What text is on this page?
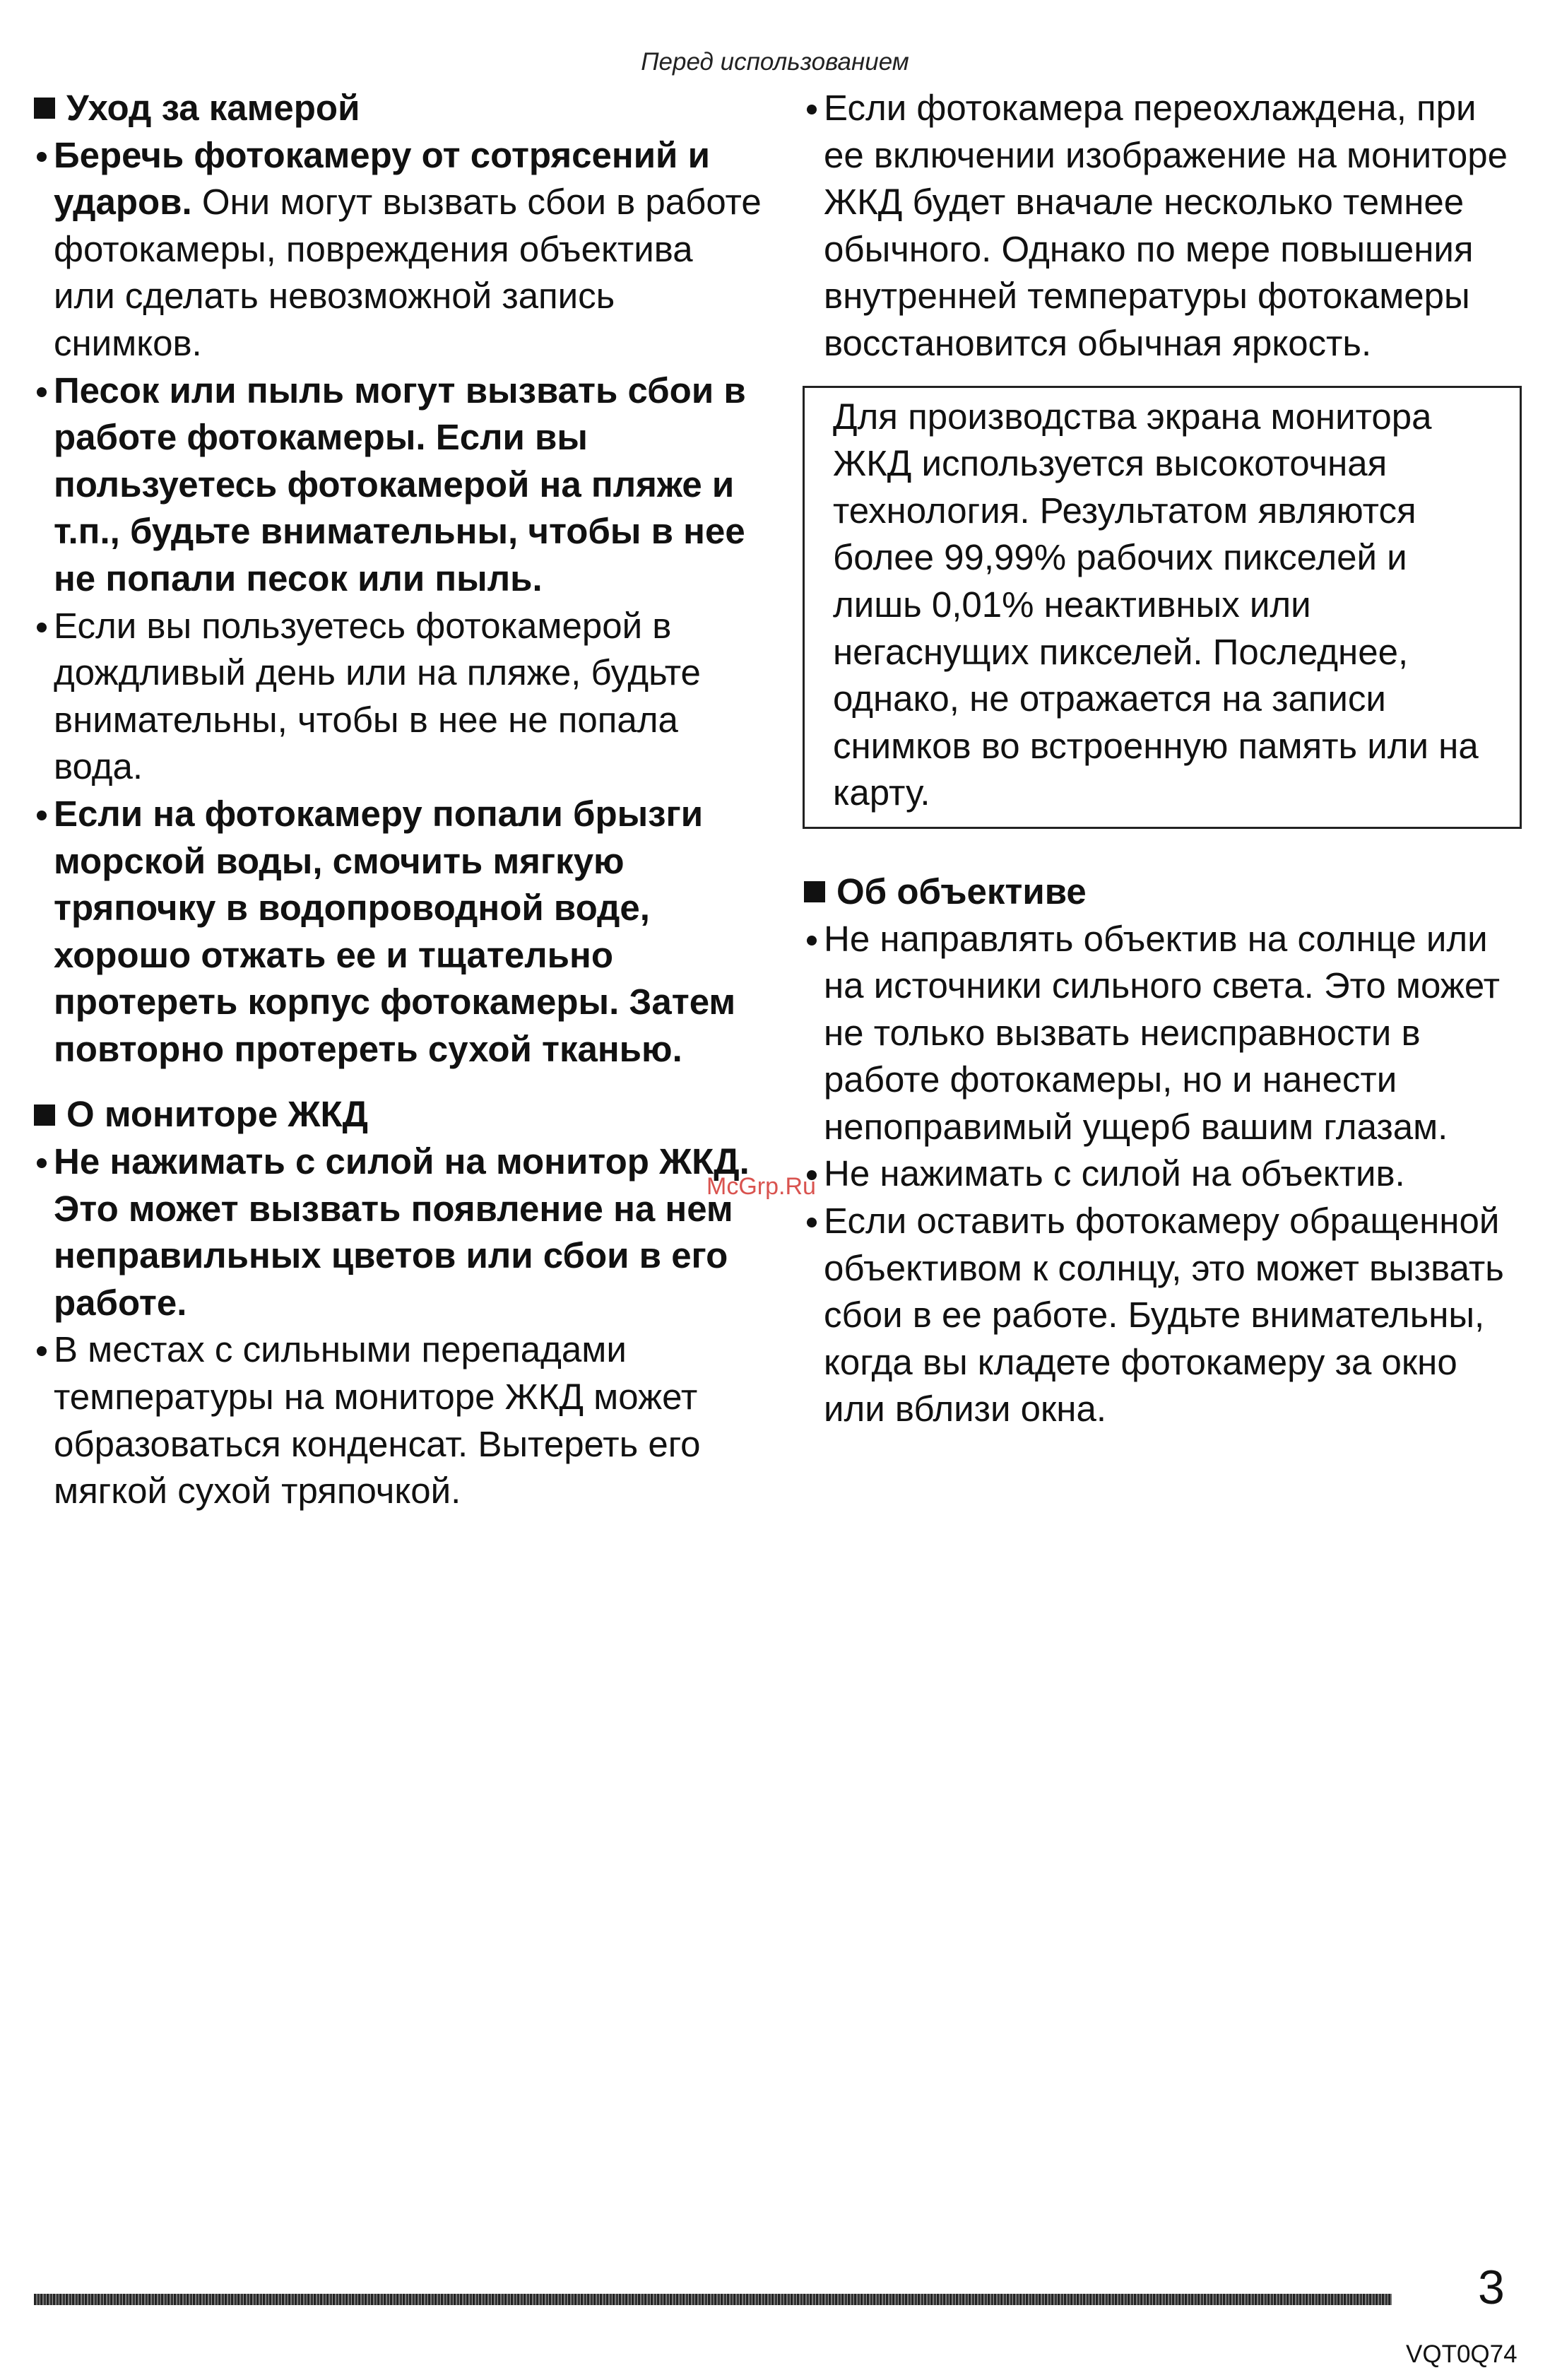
Перед использованием
Уход за камерой

Беречь фотокамеру от сотрясений и ударов. Они могут вызвать сбои в работе фотокамеры, повреждения объектива или сделать невозможной запись снимков.

Песок или пыль могут вызвать сбои в работе фотокамеры. Если вы пользуетесь фотокамерой на пляже и т.п., будьте внимательны, чтобы в нее не попали песок или пыль.

Если вы пользуетесь фотокамерой в дождливый день или на пляже, будьте внимательны, чтобы в нее не попала вода.

Если на фотокамеру попали брызги морской воды, смочить мягкую тряпочку в водопроводной воде, хорошо отжать ее и тщательно протереть корпус фотокамеры. Затем повторно протереть сухой тканью.

О мониторе ЖКД

Не нажимать с силой на монитор ЖКД. Это может вызвать появление на нем неправильных цветов или сбои в его работе.

В местах с сильными перепадами температуры на мониторе ЖКД может образоваться конденсат. Вытереть его мягкой сухой тряпочкой.

Если фотокамера переохлаждена, при ее включении изображение на мониторе ЖКД будет вначале несколько темнее обычного. Однако по мере повышения внутренней температуры фотокамеры восстановится обычная яркость.

Для производства экрана монитора ЖКД используется высокоточная технология. Результатом являются более 99,99% рабочих пикселей и лишь 0,01% неактивных или негаснущих пикселей. Последнее, однако, не отражается на записи снимков во встроенную память или на карту.
Об объективе

Не направлять объектив на солнце или на источники сильного света. Это может не только вызвать неисправности в работе фотокамеры, но и нанести непоправимый ущерб вашим глазам.

Не нажимать с силой на объектив.

Если оставить фотокамеру обращенной объективом к солнцу, это может вызвать сбои в ее работе. Будьте внимательны, когда вы кладете фотокамеру за окно или вблизи окна.

McGrp.Ru
3
VQT0Q74
